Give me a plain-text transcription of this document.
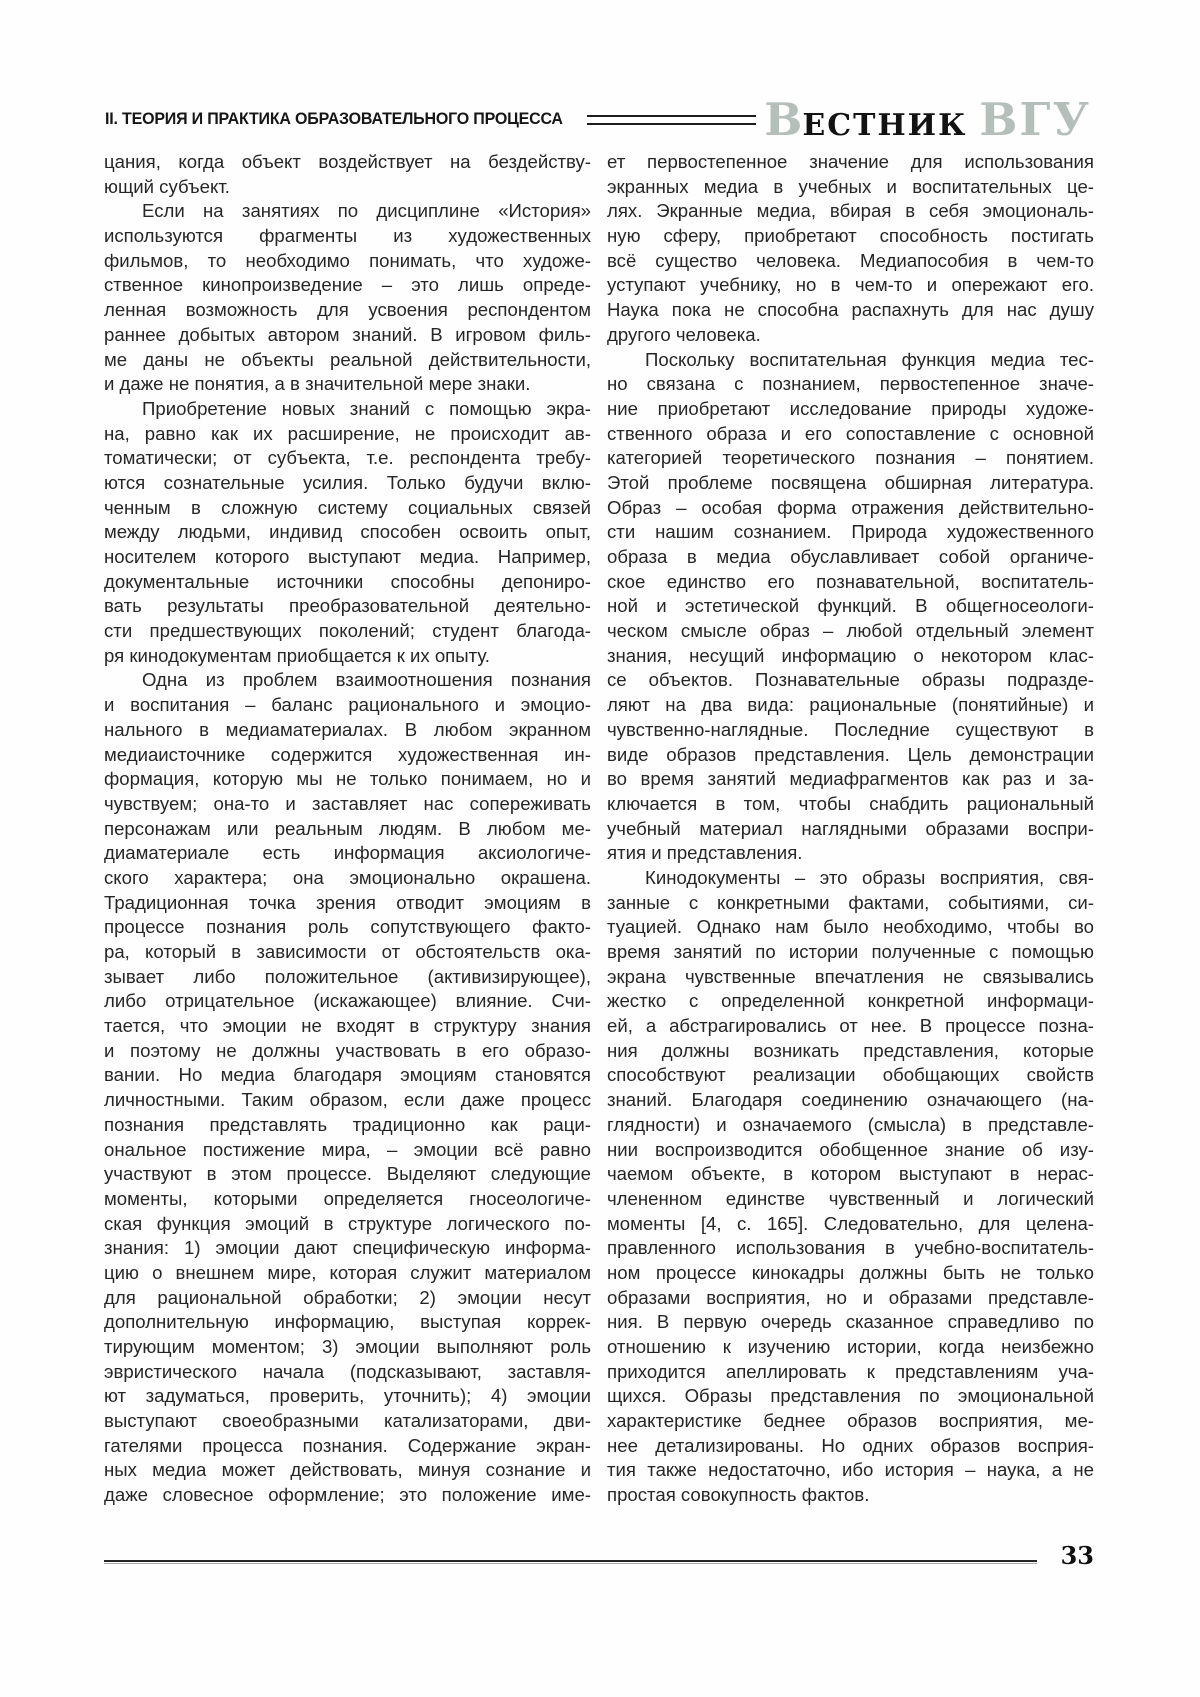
II. ТЕОРИЯ И ПРАКТИКА ОБРАЗОВАТЕЛЬНОГО ПРОЦЕССА	ВЕСТНИК ВГУ
цания, когда объект воздействует на бездейству-
ющий субъект.
Если на занятиях по дисциплине «История»
используются фрагменты из художественных
фильмов, то необходимо понимать, что художе-
ственное кинопроизведение – это лишь опреде-
ленная возможность для усвоения респондентом
раннее добытых автором знаний. В игровом филь-
ме даны не объекты реальной действительности,
и даже не понятия, а в значительной мере знаки.
Приобретение новых знаний с помощью экра-
на, равно как их расширение, не происходит ав-
томатически; от субъекта, т.е. респондента требу-
ются сознательные усилия. Только будучи вклю-
ченным в сложную систему социальных связей
между людьми, индивид способен освоить опыт,
носителем которого выступают медиа. Например,
документальные источники способны депониро-
вать результаты преобразовательной деятельно-
сти предшествующих поколений; студент благода-
ря кинодокументам приобщается к их опыту.
Одна из проблем взаимоотношения познания
и воспитания – баланс рационального и эмоцио-
нального в медиаматериалах. В любом экранном
медиаисточнике содержится художественная ин-
формация, которую мы не только понимаем, но и
чувствуем; она-то и заставляет нас сопереживать
персонажам или реальным людям. В любом ме-
диаматериале есть информация аксиологиче-
ского характера; она эмоционально окрашена.
Традиционная точка зрения отводит эмоциям в
процессе познания роль сопутствующего факто-
ра, который в зависимости от обстоятельств ока-
зывает либо положительное (активизирующее),
либо отрицательное (искажающее) влияние. Счи-
тается, что эмоции не входят в структуру знания
и поэтому не должны участвовать в его образо-
вании. Но медиа благодаря эмоциям становятся
личностными. Таким образом, если даже процесс
познания представлять традиционно как раци-
ональное постижение мира, – эмоции всё равно
участвуют в этом процессе. Выделяют следующие
моменты, которыми определяется гносеологиче-
ская функция эмоций в структуре логического по-
знания: 1) эмоции дают специфическую информа-
цию о внешнем мире, которая служит материалом
для рациональной обработки; 2) эмоции несут
дополнительную информацию, выступая коррек-
тирующим моментом; 3) эмоции выполняют роль
эвристического начала (подсказывают, заставля-
ют задуматься, проверить, уточнить); 4) эмоции
выступают своеобразными катализаторами, дви-
гателями процесса познания. Содержание экран-
ных медиа может действовать, минуя сознание и
даже словесное оформление; это положение име-
ет первостепенное значение для использования
экранных медиа в учебных и воспитательных це-
лях. Экранные медиа, вбирая в себя эмоциональ-
ную сферу, приобретают способность постигать
всё существо человека. Медиапособия в чем-то
уступают учебнику, но в чем-то и опережают его.
Наука пока не способна распахнуть для нас душу
другого человека.
Поскольку воспитательная функция медиа тес-
но связана с познанием, первостепенное значе-
ние приобретают исследование природы художе-
ственного образа и его сопоставление с основной
категорией теоретического познания – понятием.
Этой проблеме посвящена обширная литература.
Образ – особая форма отражения действительно-
сти нашим сознанием. Природа художественного
образа в медиа обуславливает собой органиче-
ское единство его познавательной, воспитатель-
ной и эстетической функций. В общегносеологи-
ческом смысле образ – любой отдельный элемент
знания, несущий информацию о некотором клас-
се объектов. Познавательные образы подразде-
ляют на два вида: рациональные (понятийные) и
чувственно-наглядные. Последние существуют в
виде образов представления. Цель демонстрации
во время занятий медиафрагментов как раз и за-
ключается в том, чтобы снабдить рациональный
учебный материал наглядными образами воспри-
ятия и представления.
Кинодокументы – это образы восприятия, свя-
занные с конкретными фактами, событиями, си-
туацией. Однако нам было необходимо, чтобы во
время занятий по истории полученные с помощью
экрана чувственные впечатления не связывались
жестко с определенной конкретной информаци-
ей, а абстрагировались от нее. В процессе позна-
ния должны возникать представления, которые
способствуют реализации обобщающих свойств
знаний. Благодаря соединению означающего (на-
глядности) и означаемого (смысла) в представле-
нии воспроизводится обобщенное знание об изу-
чаемом объекте, в котором выступают в нерас-
члененном единстве чувственный и логический
моменты [4, с. 165]. Следовательно, для целена-
правленного использования в учебно-воспитатель-
ном процессе кинокадры должны быть не только
образами восприятия, но и образами представле-
ния. В первую очередь сказанное справедливо по
отношению к изучению истории, когда неизбежно
приходится апеллировать к представлениям уча-
щихся. Образы представления по эмоциональной
характеристике беднее образов восприятия, ме-
нее детализированы. Но одних образов восприя-
тия также недостаточно, ибо история – наука, а не
простая совокупность фактов.
33
